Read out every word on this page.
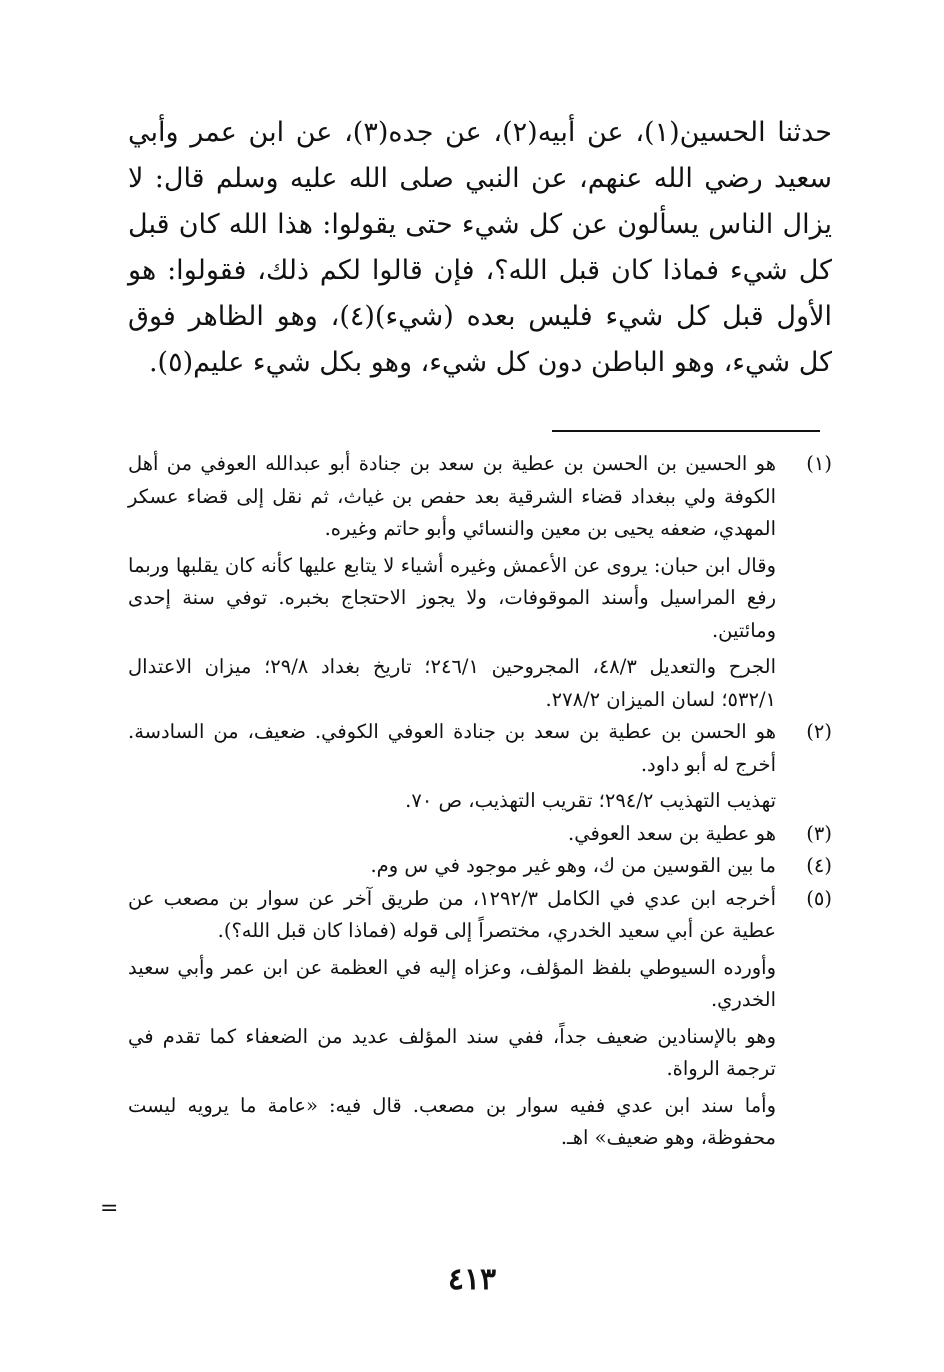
حدثنا الحسين(١)، عن أبيه(٢)، عن جده(٣)، عن ابن عمر وأبي سعيد رضي الله عنهم، عن النبي صلى الله عليه وسلم قال: لا يزال الناس يسألون عن كل شيء حتى يقولوا: هذا الله كان قبل كل شيء فماذا كان قبل الله؟، فإن قالوا لكم ذلك، فقولوا: هو الأول قبل كل شيء فليس بعده (شيء)(٤)، وهو الظاهر فوق كل شيء، وهو الباطن دون كل شيء، وهو بكل شيء عليم(٥).

(١)

هو الحسين بن الحسن بن عطية بن سعد بن جنادة أبو عبدالله العوفي من أهل الكوفة ولي ببغداد قضاء الشرقية بعد حفص بن غياث، ثم نقل إلى قضاء عسكر المهدي، ضعفه يحيى بن معين والنسائي وأبو حاتم وغيره.

وقال ابن حبان: يروى عن الأعمش وغيره أشياء لا يتابع عليها كأنه كان يقلبها وربما رفع المراسيل وأسند الموقوفات، ولا يجوز الاحتجاج بخبره. توفي سنة إحدى ومائتين.

الجرح والتعديل ٤٨/٣، المجروحين ٢٤٦/١؛ تاريخ بغداد ٢٩/٨؛ ميزان الاعتدال ٥٣٢/١؛ لسان الميزان ٢٧٨/٢.

(٢)

هو الحسن بن عطية بن سعد بن جنادة العوفي الكوفي. ضعيف، من السادسة. أخرج له أبو داود.

تهذيب التهذيب ٢٩٤/٢؛ تقريب التهذيب، ص ٧٠.

(٣)

هو عطية بن سعد العوفي.

(٤)

ما بين القوسين من ك، وهو غير موجود في س وم.

(٥)

أخرجه ابن عدي في الكامل ١٢٩٢/٣، من طريق آخر عن سوار بن مصعب عن عطية عن أبي سعيد الخدري، مختصراً إلى قوله (فماذا كان قبل الله؟).

وأورده السيوطي بلفظ المؤلف، وعزاه إليه في العظمة عن ابن عمر وأبي سعيد الخدري.

وهو بالإسنادين ضعيف جداً، ففي سند المؤلف عديد من الضعفاء كما تقدم في ترجمة الرواة.

وأما سند ابن عدي ففيه سوار بن مصعب. قال فيه: «عامة ما يرويه ليست محفوظة، وهو ضعيف» اهـ.

=
٤١٣
